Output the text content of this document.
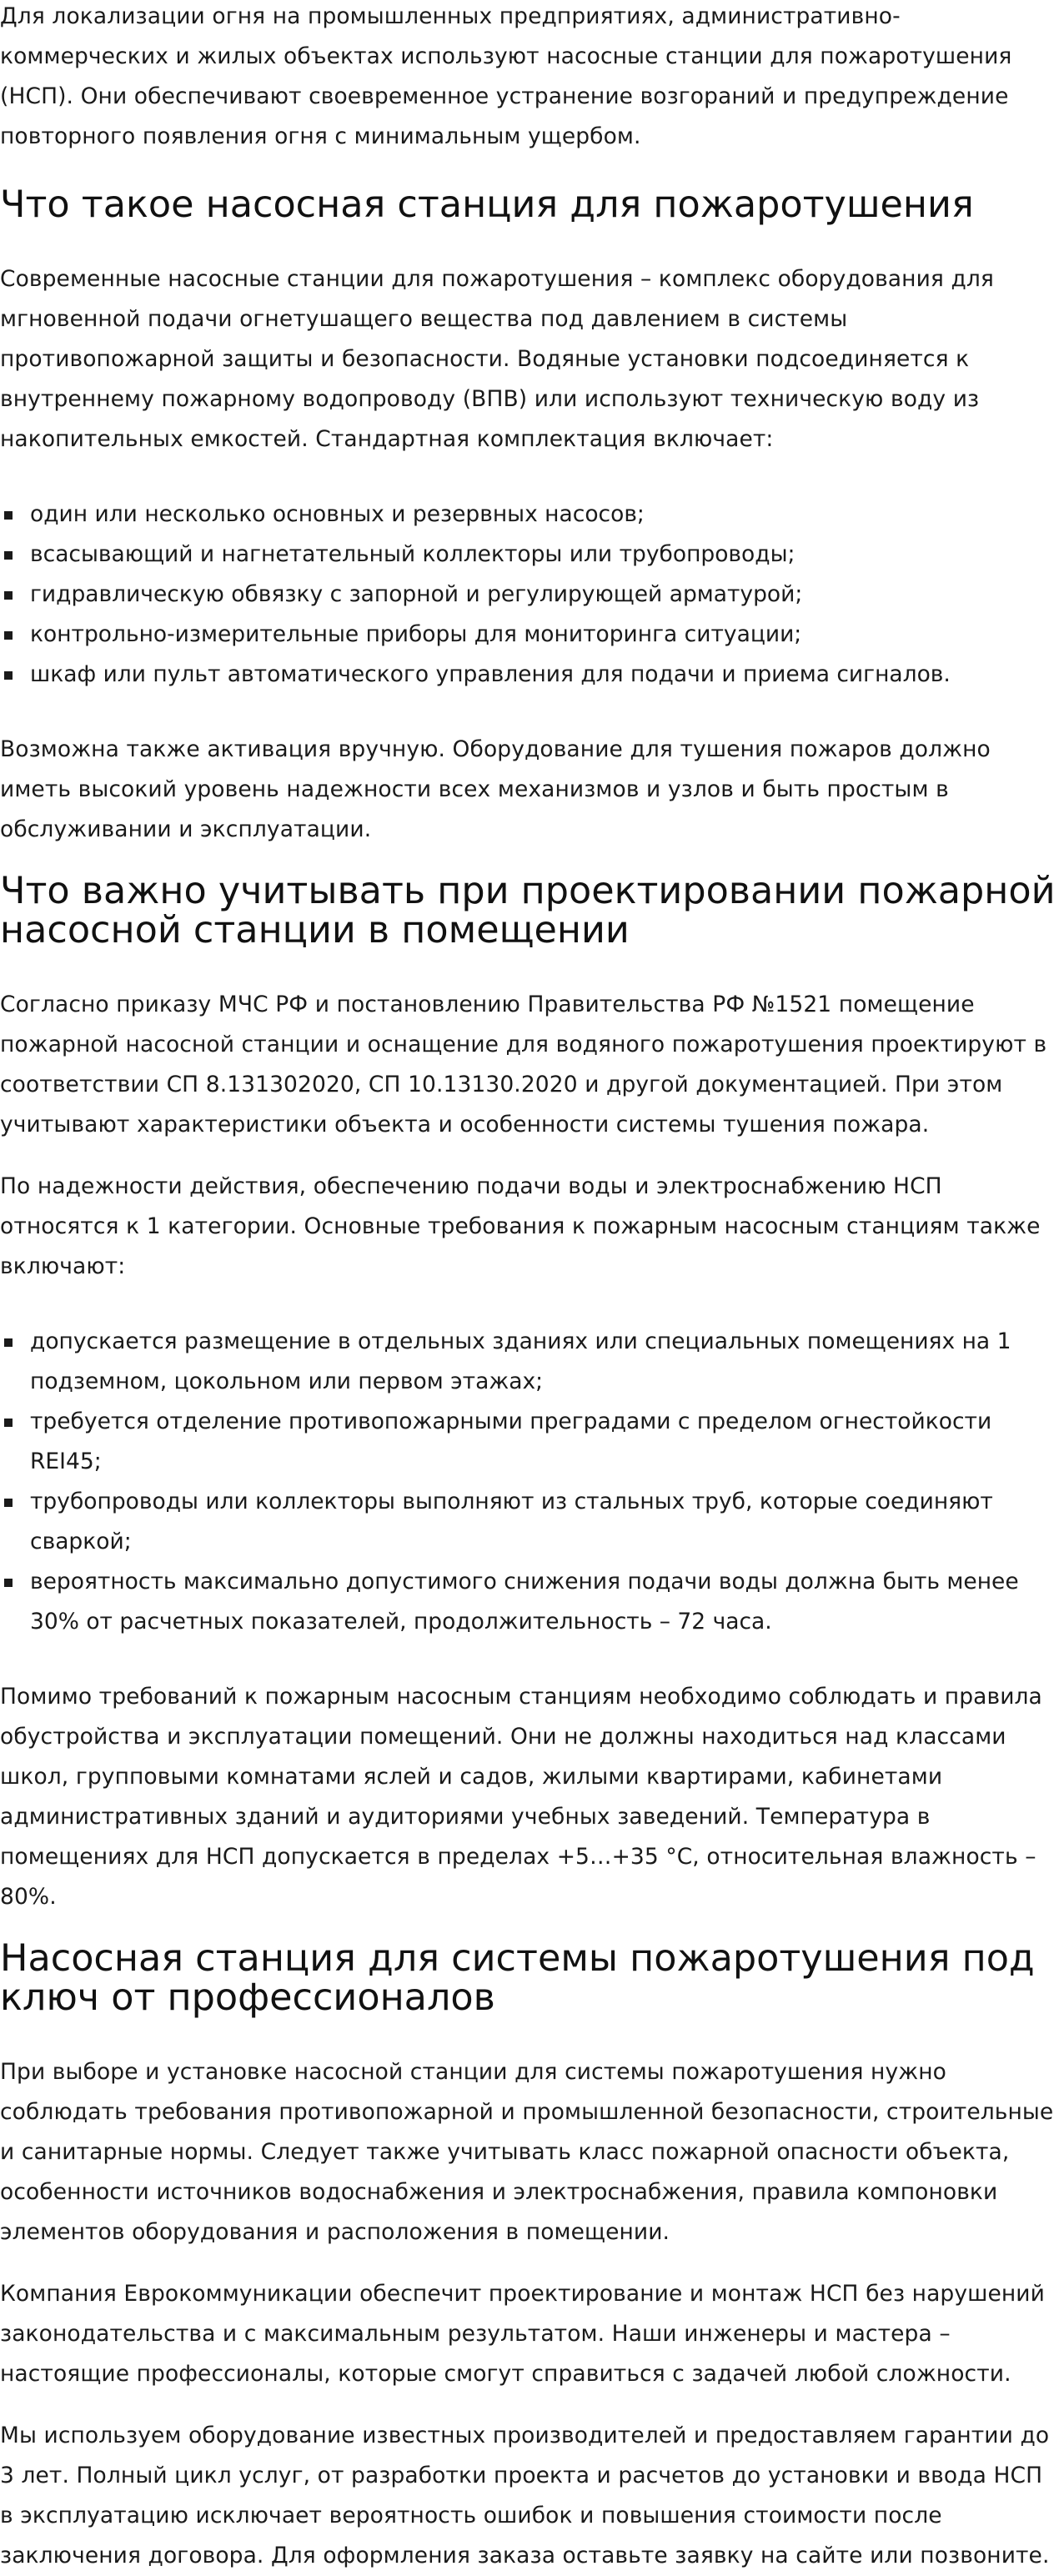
Для локализации огня на промышленных предприятиях, административно-коммерческих и жилых объектах используют насосные станции для пожаротушения (НСП). Они обеспечивают своевременное устранение возгораний и предупреждение повторного появления огня с минимальным ущербом.

Что такое насосная станция для пожаротушения

Современные насосные станции для пожаротушения – комплекс оборудования для мгновенной подачи огнетушащего вещества под давлением в системы противопожарной защиты и безопасности. Водяные установки подсоединяется к внутреннему пожарному водопроводу (ВПВ) или используют техническую воду из накопительных емкостей. Стандартная комплектация включает:

один или несколько основных и резервных насосов;
всасывающий и нагнетательный коллекторы или трубопроводы;
гидравлическую обвязку с запорной и регулирующей арматурой;
контрольно-измерительные приборы для мониторинга ситуации;
шкаф или пульт автоматического управления для подачи и приема сигналов.

Возможна также активация вручную. Оборудование для тушения пожаров должно иметь высокий уровень надежности всех механизмов и узлов и быть простым в обслуживании и эксплуатации.

Что важно учитывать при проектировании пожарной насосной станции в помещении

Согласно приказу МЧС РФ и постановлению Правительства РФ №1521 помещение пожарной насосной станции и оснащение для водяного пожаротушения проектируют в соответствии СП 8.131302020, СП 10.13130.2020 и другой документацией. При этом учитывают характеристики объекта и особенности системы тушения пожара.

По надежности действия, обеспечению подачи воды и электроснабжению НСП относятся к 1 категории. Основные требования к пожарным насосным станциям также включают:

допускается размещение в отдельных зданиях или специальных помещениях на 1 подземном, цокольном или первом этажах;
требуется отделение противопожарными преградами с пределом огнестойкости REI45;
трубопроводы или коллекторы выполняют из стальных труб, которые соединяют сваркой;
вероятность максимально допустимого снижения подачи воды должна быть менее 30% от расчетных показателей, продолжительность – 72 часа.

Помимо требований к пожарным насосным станциям необходимо соблюдать и правила обустройства и эксплуатации помещений. Они не должны находиться над классами школ, групповыми комнатами яслей и садов, жилыми квартирами, кабинетами административных зданий и аудиториями учебных заведений. Температура в помещениях для НСП допускается в пределах +5…+35 °C, относительная влажность – 80%.

Насосная станция для системы пожаротушения под ключ от профессионалов

При выборе и установке насосной станции для системы пожаротушения нужно соблюдать требования противопожарной и промышленной безопасности, строительные и санитарные нормы. Следует также учитывать класс пожарной опасности объекта, особенности источников водоснабжения и электроснабжения, правила компоновки элементов оборудования и расположения в помещении.

Компания Еврокоммуникации обеспечит проектирование и монтаж НСП без нарушений законодательства и с максимальным результатом. Наши инженеры и мастера – настоящие профессионалы, которые смогут справиться с задачей любой сложности.

Мы используем оборудование известных производителей и предоставляем гарантии до 3 лет. Полный цикл услуг, от разработки проекта и расчетов до установки и ввода НСП в эксплуатацию исключает вероятность ошибок и повышения стоимости после заключения договора. Для оформления заказа оставьте заявку на сайте или позвоните.
